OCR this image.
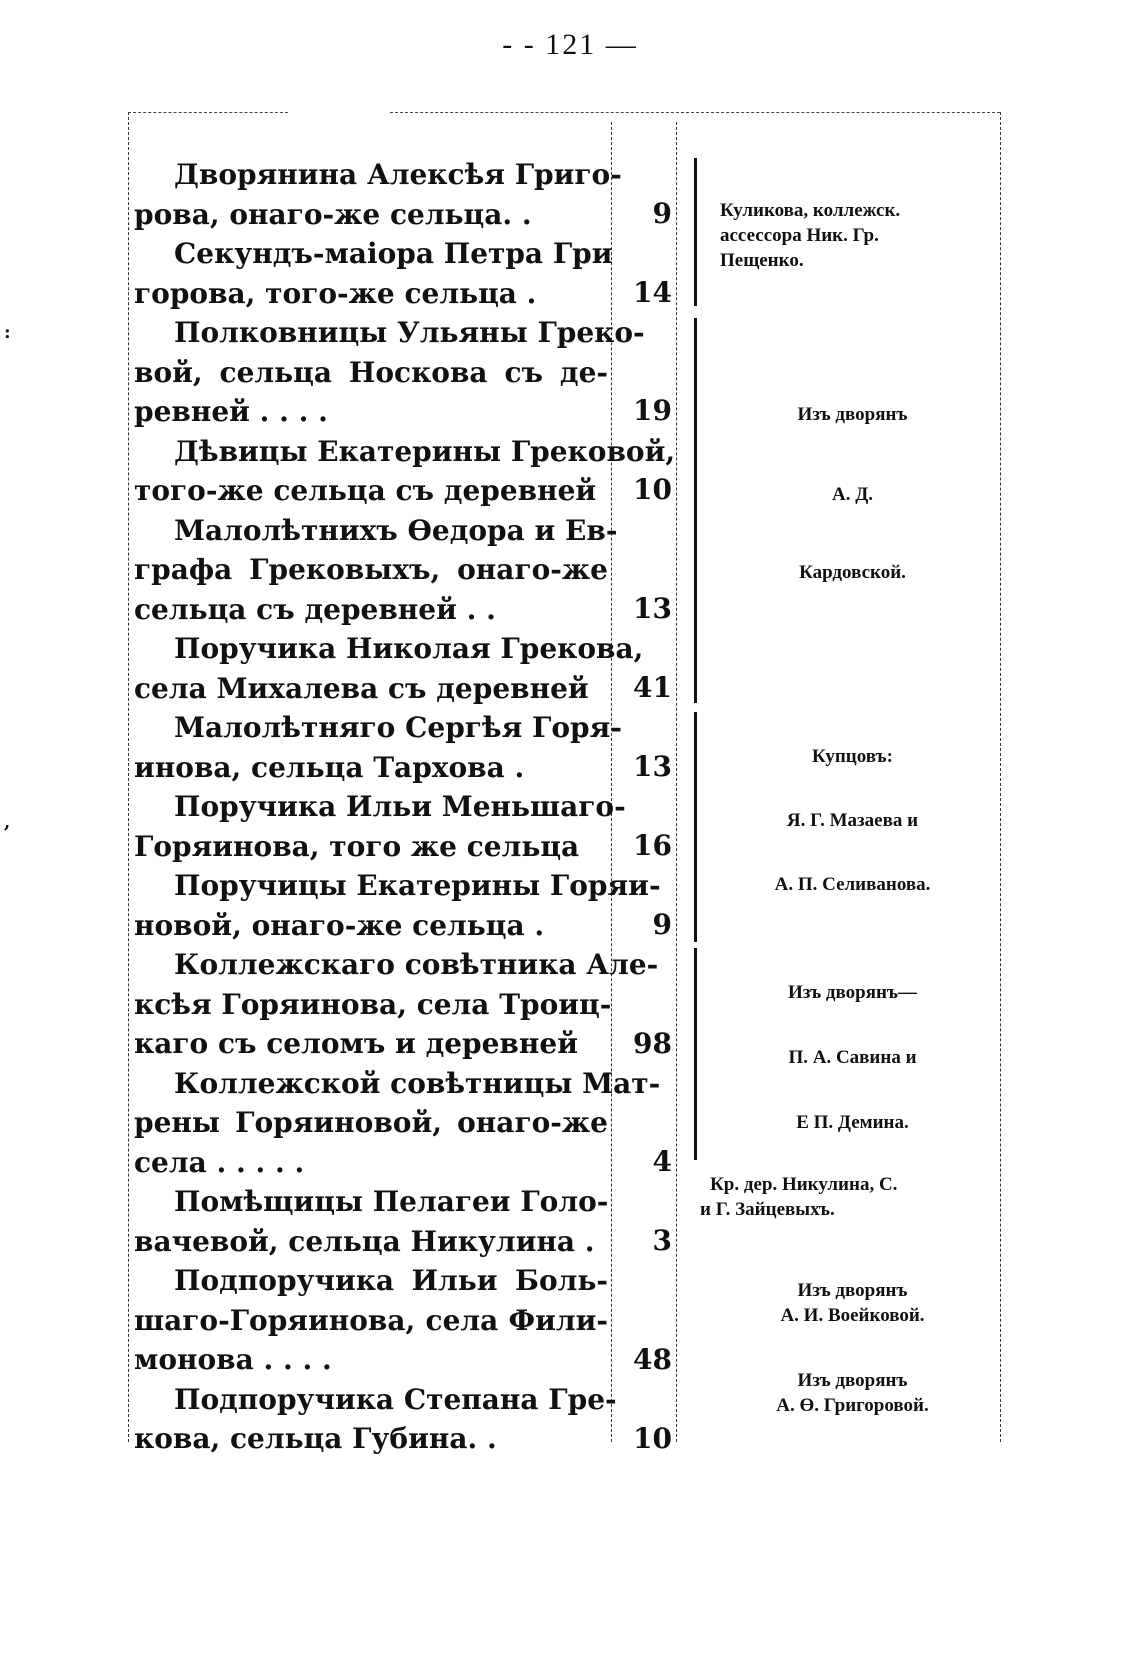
- - 121 —
:
,
Дворянина Алексѣя Григо-
рова, онаго-же сельца. .
Секундъ-маiора Петра Гри
горова, того-же сельца .
Полковницы Ульяны Греко-
вой, сельца Носкова съ де-
ревней . . . .
Дѣвицы Екатерины Грековой,
того-же сельца съ деревней
Малолѣтнихъ Өедора и Ев-
графа Грековыхъ, онаго-же
сельца съ деревней . .
Поручика Николая Грекова,
села Михалева съ деревней
Малолѣтняго Сергѣя Горя-
инова, сельца Тархова .
Поручика Ильи Меньшаго-
Горяинова, того же сельца
Поручицы Екатерины Горяи-
новой, онаго-же сельца .
Коллежскаго совѣтника Але-
ксѣя Горяинова, села Троиц-
каго съ селомъ и деревней
Коллежской совѣтницы Мат-
рены Горяиновой, онаго-же
села . . . . .
Помѣщицы Пелагеи Голо-
вачевой, сельца Никулина .
Подпоручика Ильи Боль-
шаго-Горяинова, села Фили-
монова . . . .
Подпоручика Степана Гре-
кова, сельца Губина. .
9
14
19
10
13
41
13
16
9
98
4
3
48
10
Куликова, коллежск.
ассессора Ник. Гр.
Пещенко.
Изъ дворянъ
А. Д.
Кардовской.
Купцовъ:
Я. Г. Мазаева и
А. П. Селиванова.
Изъ дворянъ—
П. А. Савина и
Е П. Демина.
Кр. дер. Никулина, С.
и Г. Зайцевыхъ.
Изъ дворянъ
А. И. Воейковой.
Изъ дворянъ
А. Ө. Григоровой.
